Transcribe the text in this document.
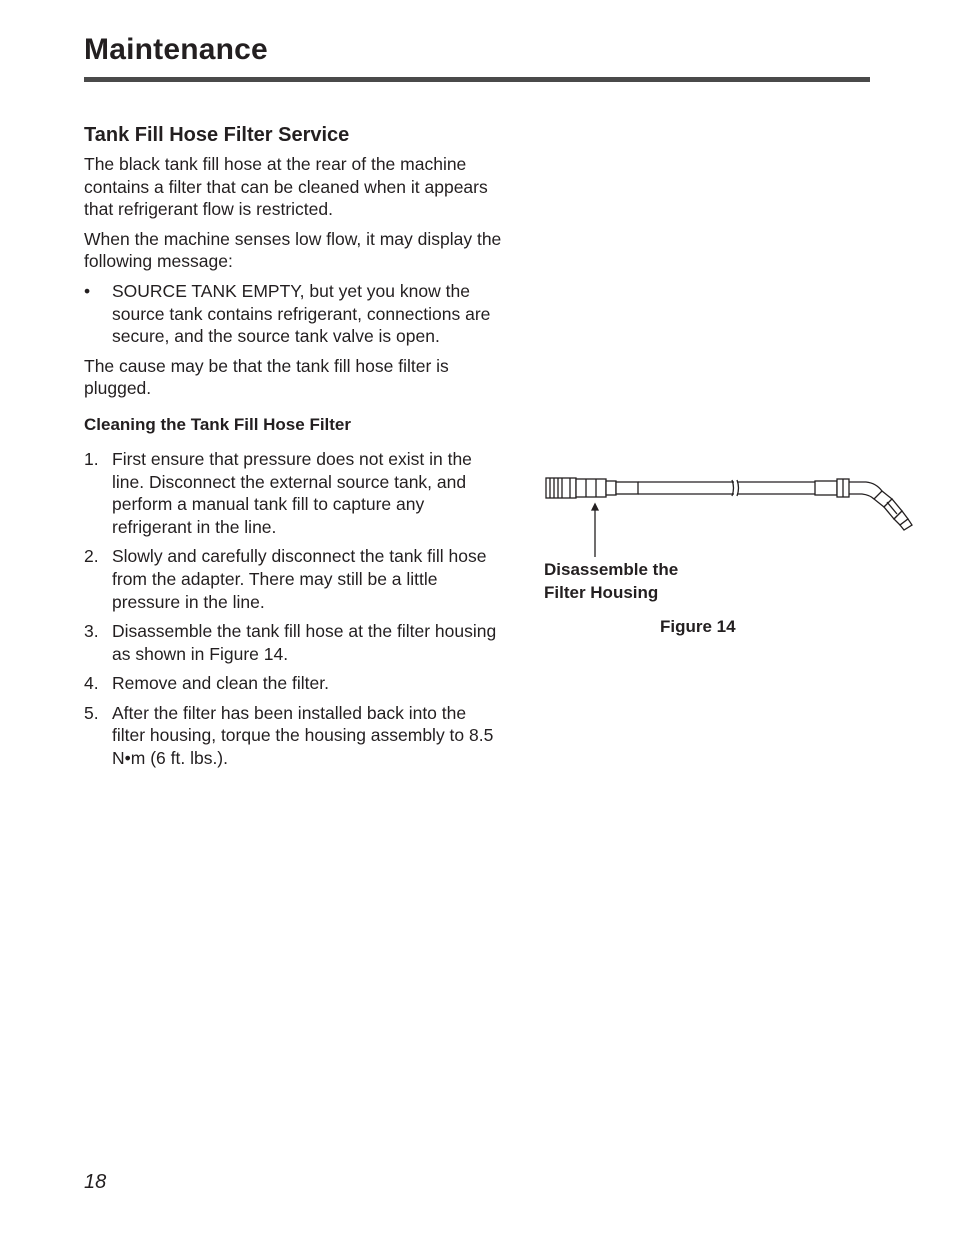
Maintenance
Tank Fill Hose Filter Service

The black tank fill hose at the rear of the machine contains a filter that can be cleaned when it appears that refrigerant flow is restricted.

When the machine senses low flow, it may display the following message:

• SOURCE TANK EMPTY, but yet you know the source tank contains refrigerant, connections are secure, and the source tank valve is open.

The cause may be that the tank fill hose filter is plugged.

Cleaning the Tank Fill Hose Filter
1. First ensure that pressure does not exist in the line. Disconnect the external source tank, and perform a manual tank fill to capture any refrigerant in the line.
2. Slowly and carefully disconnect the tank fill hose from the adapter. There may still be a little pressure in the line.
3. Disassemble the tank fill hose at the filter housing as shown in Figure 14.
4. Remove and clean the filter.
5. After the filter has been installed back into the filter housing, torque the housing assembly to 8.5 N•m (6 ft. lbs.).

Disassemble the
Filter Housing

Figure 14

18
